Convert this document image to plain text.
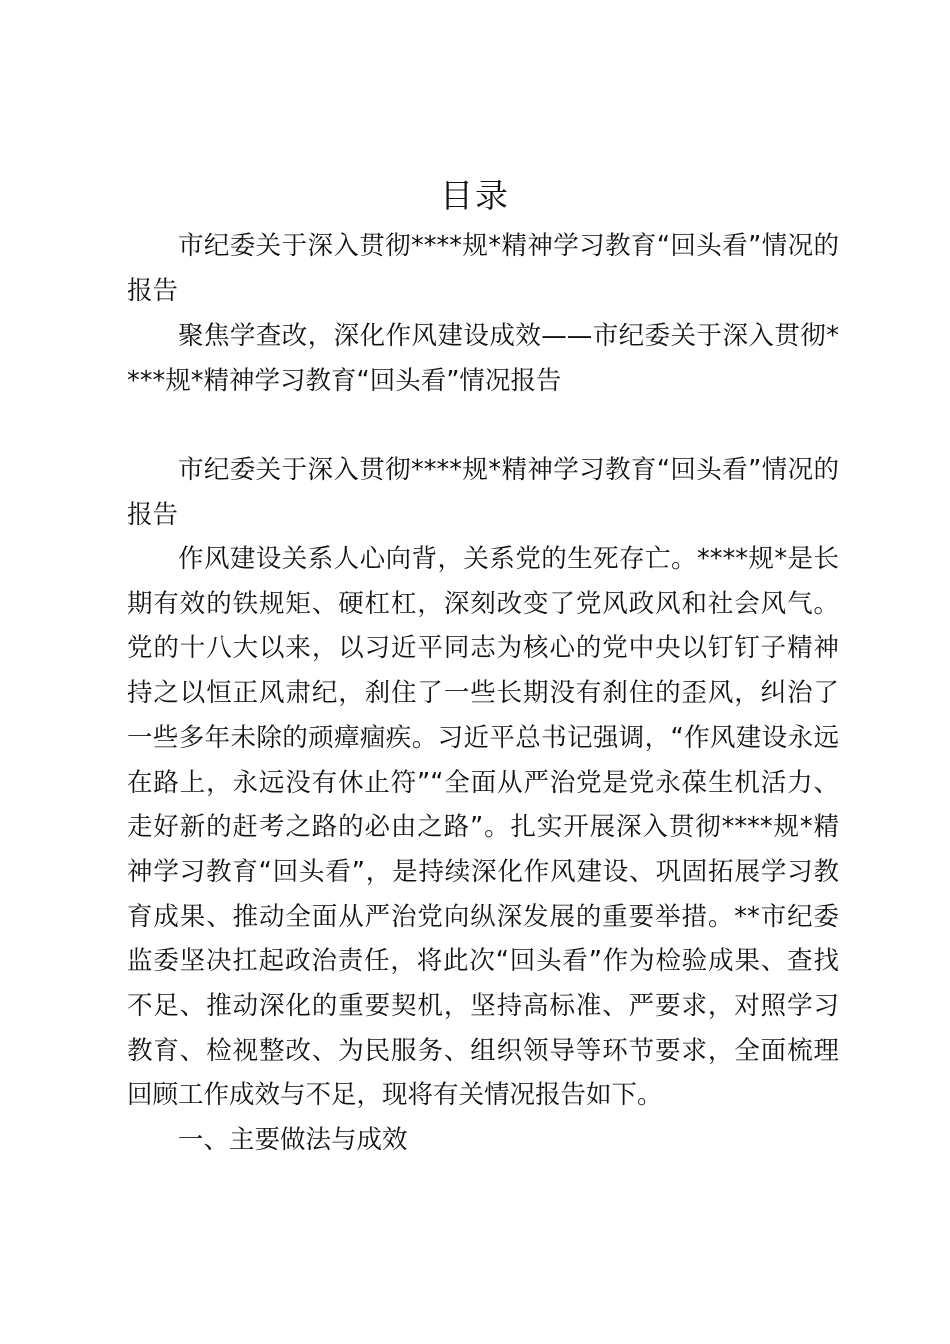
目录

市纪委关于深入贯彻****规*精神学习教育“回头看”情况的报告

聚焦学查改，深化作风建设成效——市纪委关于深入贯彻****规*精神学习教育“回头看”情况报告

市纪委关于深入贯彻****规*精神学习教育“回头看”情况的报告

作风建设关系人心向背，关系党的生死存亡。****规*是长期有效的铁规矩、硬杠杠，深刻改变了党风政风和社会风气。党的十八大以来，以习近平同志为核心的党中央以钉钉子精神持之以恒正风肃纪，刹住了一些长期没有刹住的歪风，纠治了一些多年未除的顽瘴痼疾。习近平总书记强调，“作风建设永远在路上，永远没有休止符”“全面从严治党是党永葆生机活力、走好新的赶考之路的必由之路”。扎实开展深入贯彻****规*精神学习教育“回头看”，是持续深化作风建设、巩固拓展学习教育成果、推动全面从严治党向纵深发展的重要举措。**市纪委监委坚决扛起政治责任，将此次“回头看”作为检验成果、查找不足、推动深化的重要契机，坚持高标准、严要求，对照学习教育、检视整改、为民服务、组织领导等环节要求，全面梳理回顾工作成效与不足，现将有关情况报告如下。

一、主要做法与成效
